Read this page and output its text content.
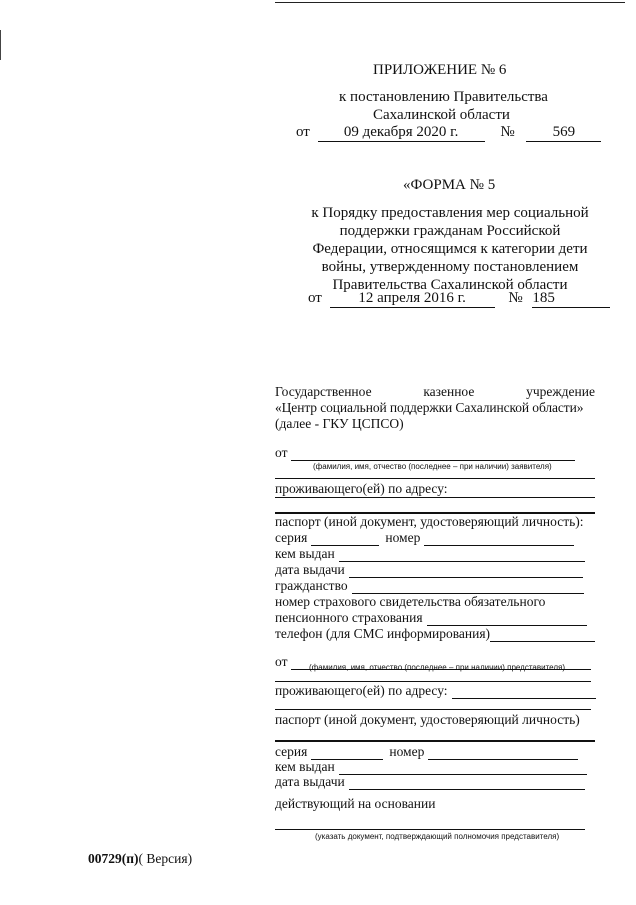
ПРИЛОЖЕНИЕ № 6
к постановлению Правительства
Сахалинской области
от 09 декабря 2020 г.	№	569
«ФОРМА № 5
к Порядку предоставления мер социальной
поддержки гражданам Российской
Федерации, относящимся к категории дети
войны, утвержденному постановлением
Правительства Сахалинской области
от 12 апреля 2016 г.	№ 185
Государственное	казенное	учреждение
«Центр социальной поддержки Сахалинской области»
(далее - ГКУ ЦСПСО)
от
(фамилия, имя, отчество (последнее – при наличии) заявителя)
проживающего(ей) по адресу:
паспорт (иной документ, удостоверяющий личность):
серия	номер
кем выдан
дата выдачи
гражданство
номер страхового свидетельства обязательного
пенсионного страхования
телефон (для СМС информирования)
от	(фамилия, имя, отчество (последнее – при наличии) представителя)
проживающего(ей) по адресу:
паспорт (иной документ, удостоверяющий личность)
серия	номер
кем выдан
дата выдачи
действующий на основании
(указать документ, подтверждающий полномочия представителя)
00729(п)( Версия)
